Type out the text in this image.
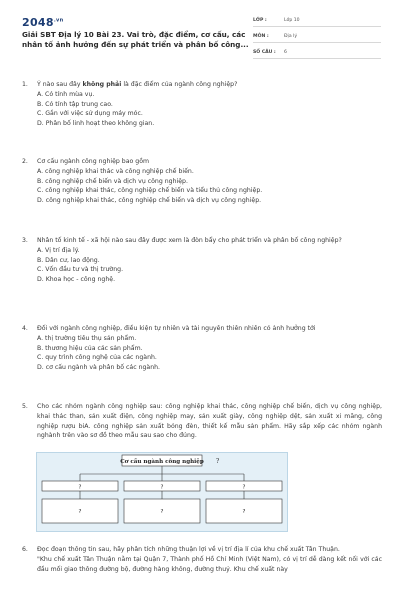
$2048^{.vn}$
Giải SBT Địa lý 10 Bài 23. Vai trò, đặc điểm, cơ cấu, các nhân tố ảnh hưởng đến sự phát triển và phân bố công...
LỚP :	Lớp 10
MÔN :	Địa lý
SỐ CÂU :	6
1. Ý nào sau đây không phải là đặc điểm của ngành công nghiệp?
A. Có tính mùa vụ.
B. Có tính tập trung cao.
C. Gắn với việc sử dụng máy móc.
D. Phân bố linh hoạt theo không gian.
2. Cơ cấu ngành công nghiệp bao gồm
A. công nghiệp khai thác và công nghiệp chế biến.
B. công nghiệp chế biến và dịch vụ công nghiệp.
C. công nghiệp khai thác, công nghiệp chế biến và tiểu thủ công nghiệp.
D. công nghiệp khai thác, công nghiệp chế biến và dịch vụ công nghiệp.
3. Nhân tố kinh tế - xã hội nào sau đây được xem là đòn bẩy cho phát triển và phân bố công nghiệp?
A. Vị trí địa lý.
B. Dân cư, lao động.
C. Vốn đầu tư và thị trường.
D. Khoa học - công nghệ.
4. Đối với ngành công nghiệp, điều kiện tự nhiên và tài nguyên thiên nhiên có ảnh hưởng tới
A. thị trường tiêu thụ sản phẩm.
B. thương hiệu của các sản phẩm.
C. quy trình công nghệ của các ngành.
D. cơ cấu ngành và phân bố các ngành.
5. Cho các nhóm ngành công nghiệp sau: công nghiệp khai thác, công nghiệp chế biến, dịch vụ công nghiệp, khai thác than, sản xuất điện, công nghiệp may, sản xuất giày, công nghiệp dệt, sản xuất xi măng, công nghiệp rượu biA. công nghiệp sản xuất bóng đèn, thiết kế mẫu sản phẩm. Hãy sắp xếp các nhóm ngành nghành trên vào sơ đồ theo mẫu sau sao cho đúng.
6. Đọc đoạn thông tin sau, hãy phân tích những thuận lợi về vị trí địa lí của khu chế xuất Tân Thuận.
"Khu chế xuất Tân Thuận nằm tại Quận 7, Thành phố Hồ Chí Minh (Việt Nam), có vị trí dễ dàng kết nối với các đầu mối giao thông đường bộ, đường hàng không, đường thuỷ. Khu chế xuất này
Cơ cấu ngành công nghiệp ?
?	?	?
?	?	?
